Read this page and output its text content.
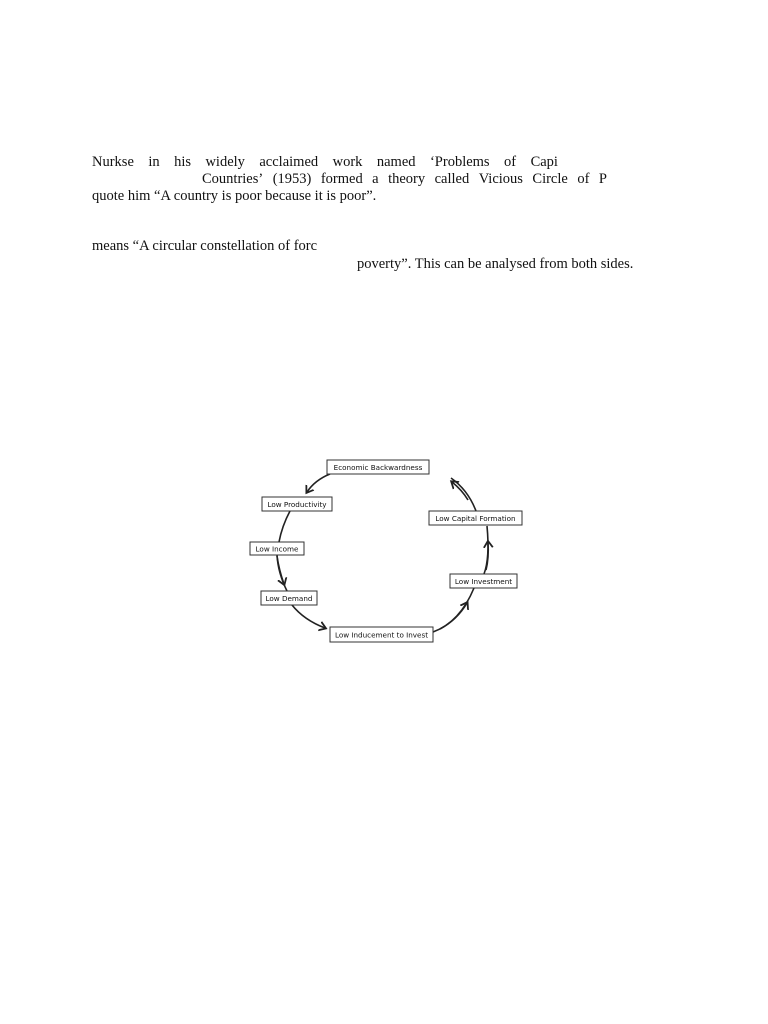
Nurkse in his widely acclaimed work named ‘Problems of Capi
Countries’ (1953) formed a theory called Vicious Circle of P
quote him “A country is poor because it is poor”.
means “A circular constellation of forc
poverty”. This can be analysed from both sides.
Economic Backwardness
Low Productivity
Low Income
Low Demand
Low Inducement to Invest
Low Investment
Low Capital Formation
